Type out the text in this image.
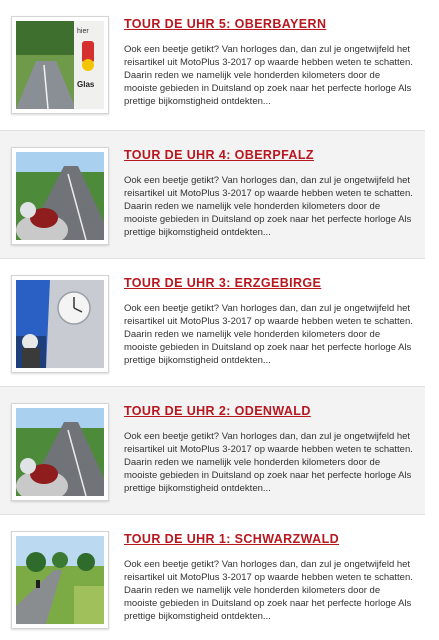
hier
Glas
TOUR DE UHR 5: OBERBAYERN

Ook een beetje getikt? Van horloges dan, dan zul je ongetwijfeld het reisartikel uit MotoPlus 3-2017 op waarde hebben weten te schatten. Daarin reden we namelijk vele honderden kilometers door de mooiste gebieden in Duitsland op zoek naar het perfecte horloge Als prettige bijkomstigheid ontdekten...

TOUR DE UHR 4: OBERPFALZ

Ook een beetje getikt? Van horloges dan, dan zul je ongetwijfeld het reisartikel uit MotoPlus 3-2017 op waarde hebben weten te schatten. Daarin reden we namelijk vele honderden kilometers door de mooiste gebieden in Duitsland op zoek naar het perfecte horloge Als prettige bijkomstigheid ontdekten...

TOUR DE UHR 3: ERZGEBIRGE

Ook een beetje getikt? Van horloges dan, dan zul je ongetwijfeld het reisartikel uit MotoPlus 3-2017 op waarde hebben weten te schatten. Daarin reden we namelijk vele honderden kilometers door de mooiste gebieden in Duitsland op zoek naar het perfecte horloge Als prettige bijkomstigheid ontdekten...

TOUR DE UHR 2: ODENWALD

Ook een beetje getikt? Van horloges dan, dan zul je ongetwijfeld het reisartikel uit MotoPlus 3-2017 op waarde hebben weten te schatten. Daarin reden we namelijk vele honderden kilometers door de mooiste gebieden in Duitsland op zoek naar het perfecte horloge Als prettige bijkomstigheid ontdekten...

TOUR DE UHR 1: SCHWARZWALD

Ook een beetje getikt? Van horloges dan, dan zul je ongetwijfeld het reisartikel uit MotoPlus 3-2017 op waarde hebben weten te schatten. Daarin reden we namelijk vele honderden kilometers door de mooiste gebieden in Duitsland op zoek naar het perfecte horloge Als prettige bijkomstigheid ontdekten...
